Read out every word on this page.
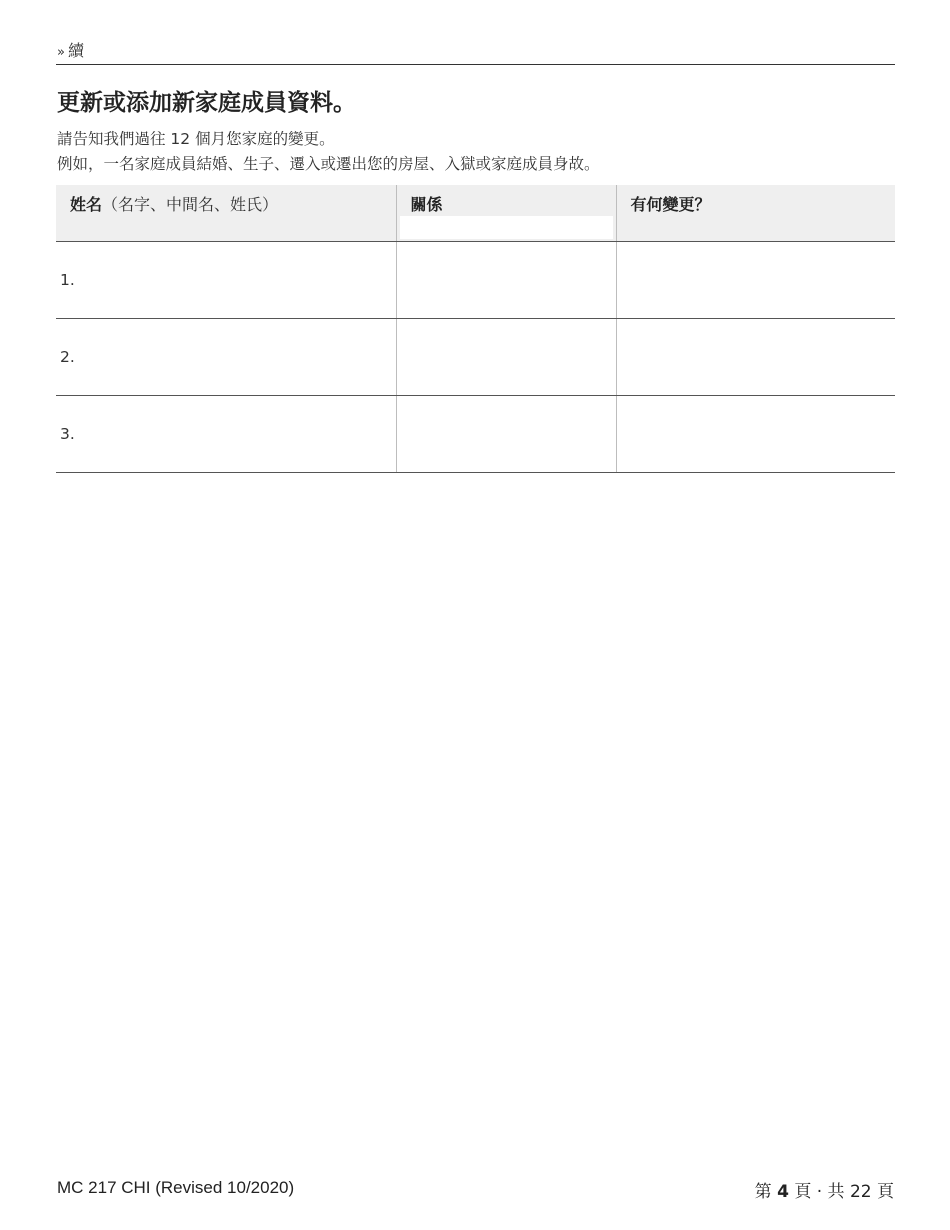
» 續
更新或添加新家庭成員資料。
請告知我們過往 12 個月您家庭的變更。
例如，一名家庭成員結婚、生子、遷入或遷出您的房屋、入獄或家庭成員身故。
姓名（名字、中間名、姓氏）	關係	有何變更？

1.		
2.		
3.		
MC 217 CHI (Revised 10/2020)	第 4 頁 · 共 22 頁
